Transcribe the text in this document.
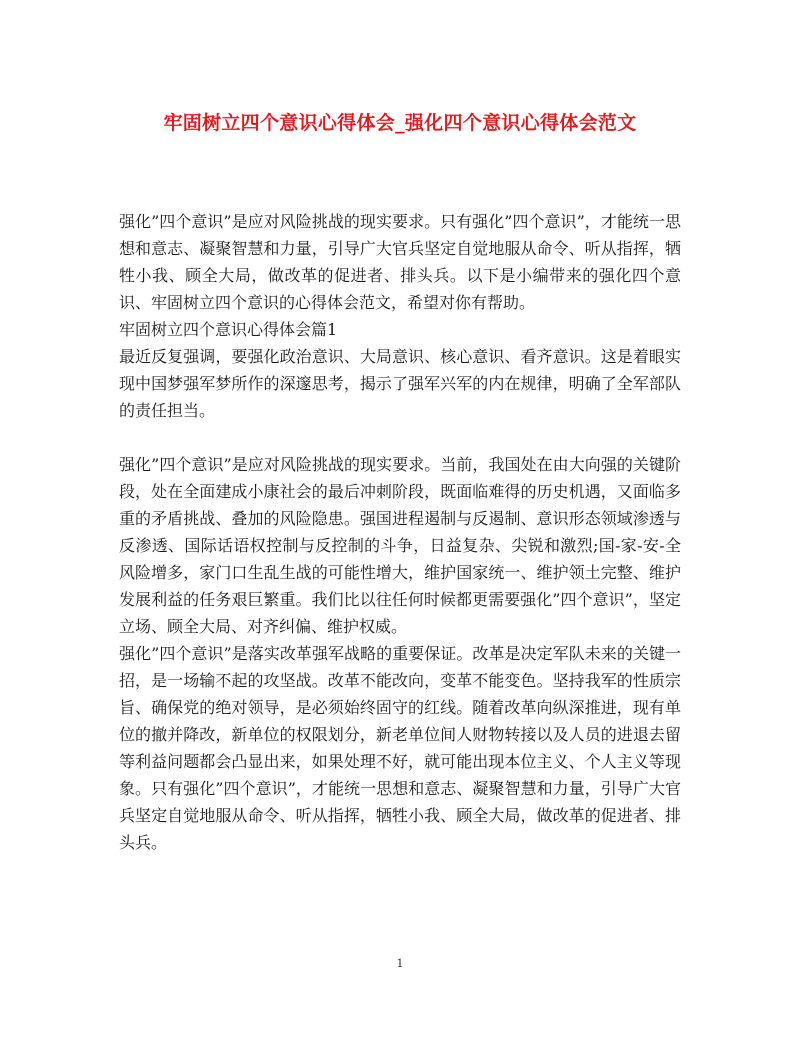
牢固树立四个意识心得体会_强化四个意识心得体会范文

强化”四个意识”是应对风险挑战的现实要求。只有强化”四个意识”，才能统一思想和意志、凝聚智慧和力量，引导广大官兵坚定自觉地服从命令、听从指挥，牺牲小我、顾全大局，做改革的促进者、排头兵。以下是小编带来的强化四个意识、牢固树立四个意识的心得体会范文，希望对你有帮助。

牢固树立四个意识心得体会篇1

最近反复强调，要强化政治意识、大局意识、核心意识、看齐意识。这是着眼实现中国梦强军梦所作的深邃思考，揭示了强军兴军的内在规律，明确了全军部队的责任担当。

强化”四个意识”是应对风险挑战的现实要求。当前，我国处在由大向强的关键阶段，处在全面建成小康社会的最后冲刺阶段，既面临难得的历史机遇，又面临多重的矛盾挑战、叠加的风险隐患。强国进程遏制与反遏制、意识形态领域渗透与反渗透、国际话语权控制与反控制的斗争，日益复杂、尖锐和激烈;国-家-安-全风险增多，家门口生乱生战的可能性增大，维护国家统一、维护领土完整、维护发展利益的任务艰巨繁重。我们比以往任何时候都更需要强化”四个意识”，坚定立场、顾全大局、对齐纠偏、维护权威。

强化”四个意识”是落实改革强军战略的重要保证。改革是决定军队未来的关键一招，是一场输不起的攻坚战。改革不能改向，变革不能变色。坚持我军的性质宗旨、确保党的绝对领导，是必须始终固守的红线。随着改革向纵深推进，现有单位的撤并降改，新单位的权限划分，新老单位间人财物转接以及人员的进退去留等利益问题都会凸显出来，如果处理不好，就可能出现本位主义、个人主义等现象。只有强化”四个意识”，才能统一思想和意志、凝聚智慧和力量，引导广大官兵坚定自觉地服从命令、听从指挥，牺牲小我、顾全大局，做改革的促进者、排头兵。

1
